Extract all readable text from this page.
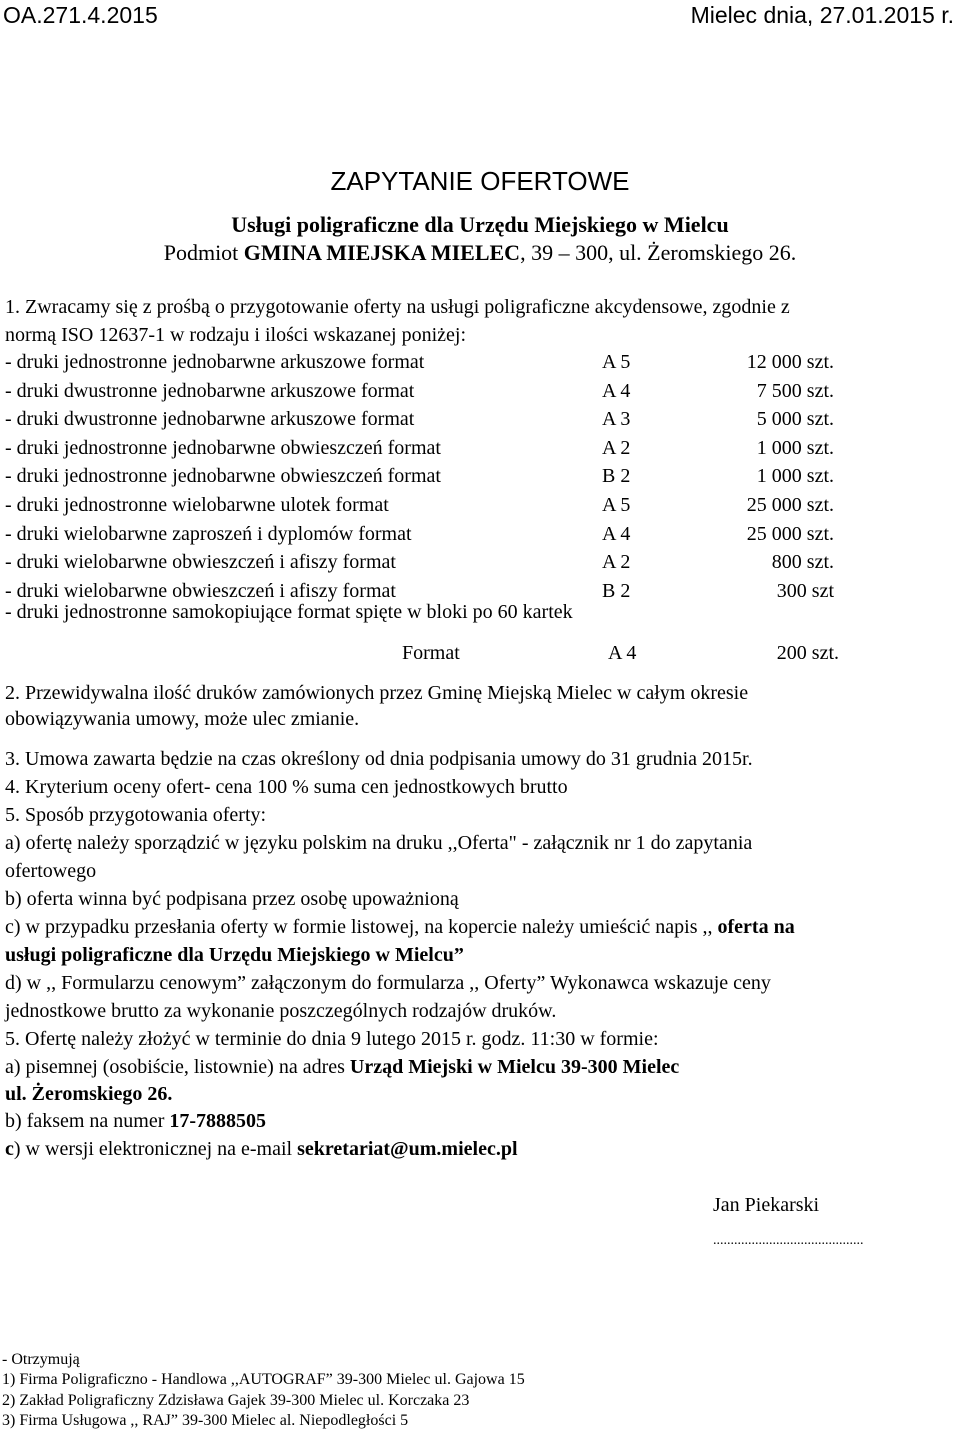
OA.271.4.2015	Mielec dnia, 27.01.2015 r.
ZAPYTANIE OFERTOWE
Usługi poligraficzne dla Urzędu Miejskiego w Mielcu
Podmiot GMINA MIEJSKA MIELEC, 39 – 300, ul. Żeromskiego 26.
1. Zwracamy się z prośbą o przygotowanie oferty na usługi poligraficzne akcydensowe, zgodnie z
normą ISO 12637-1 w rodzaju i ilości wskazanej poniżej:
- druki jednostronne jednobarwne arkuszowe format	A 5	12 000 szt.
- druki dwustronne jednobarwne arkuszowe format	A 4	7 500 szt.
- druki dwustronne jednobarwne arkuszowe format	A 3	5 000 szt.
- druki jednostronne jednobarwne obwieszczeń format	A 2	1 000 szt.
- druki jednostronne jednobarwne obwieszczeń format	B 2	1 000 szt.
- druki jednostronne wielobarwne ulotek format	A 5	25 000 szt.
- druki wielobarwne zaproszeń i dyplomów format	A 4	25 000 szt.
- druki wielobarwne obwieszczeń i afiszy format	A 2	800 szt.
- druki wielobarwne obwieszczeń i afiszy format	B 2	300 szt
- druki jednostronne samokopiujące format spięte w bloki po 60 kartek
Format	A 4	200 szt.
2. Przewidywalna ilość druków zamówionych przez Gminę Miejską Mielec w całym okresie
obowiązywania umowy, może ulec zmianie.
3. Umowa zawarta będzie na czas określony od dnia podpisania umowy do 31 grudnia 2015r.
4. Kryterium oceny ofert- cena 100 % suma cen jednostkowych brutto
5. Sposób przygotowania oferty:
a) ofertę należy sporządzić w języku polskim na druku ,,Oferta" - załącznik nr 1 do zapytania
ofertowego
b) oferta winna być podpisana przez osobę upoważnioną
c) w przypadku przesłania oferty w formie listowej, na kopercie należy umieścić napis ,, oferta na
usługi poligraficzne dla Urzędu Miejskiego w Mielcu”
d) w ,, Formularzu cenowym” załączonym do formularza ,, Oferty” Wykonawca wskazuje ceny
jednostkowe brutto za wykonanie poszczególnych rodzajów druków.
5. Ofertę należy złożyć w terminie do dnia 9 lutego 2015 r. godz. 11:30 w formie:
a) pisemnej (osobiście, listownie) na adres Urząd Miejski w Mielcu 39-300 Mielec
ul. Żeromskiego 26.
b) faksem na numer 17-7888505
c) w wersji elektronicznej na e-mail sekretariat@um.mielec.pl
Jan Piekarski
...........................................
- Otrzymują
1) Firma Poligraficzno - Handlowa ,,AUTOGRAF” 39-300 Mielec ul. Gajowa 15
2) Zakład Poligraficzny Zdzisława Gajek 39-300 Mielec ul. Korczaka 23
3) Firma Usługowa ,, RAJ” 39-300 Mielec al. Niepodległości 5
